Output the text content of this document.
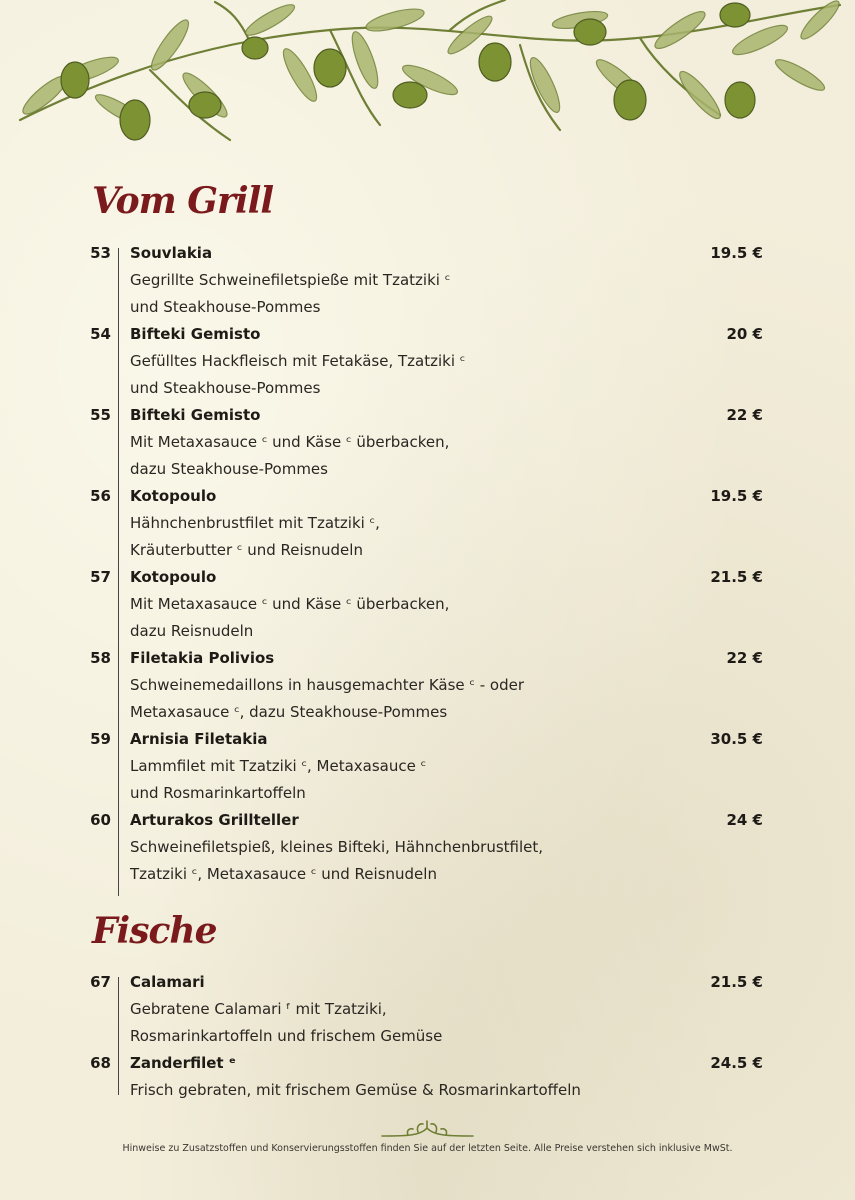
Vom Grill
53 Souvlakia	19.5 €
Gegrillte Schweinefiletspieße mit Tzatziki ᶜ
und Steakhouse-Pommes
54 Bifteki Gemisto	20 €
Gefülltes Hackfleisch mit Fetakäse, Tzatziki ᶜ
und Steakhouse-Pommes
55 Bifteki Gemisto	22 €
Mit Metaxasauce ᶜ und Käse ᶜ überbacken,
dazu Steakhouse-Pommes
56 Kotopoulo	19.5 €
Hähnchenbrustfilet mit Tzatziki ᶜ,
Kräuterbutter ᶜ und Reisnudeln
57 Kotopoulo	21.5 €
Mit Metaxasauce ᶜ und Käse ᶜ überbacken,
dazu Reisnudeln
58 Filetakia Polivios	22 €
Schweinemedaillons in hausgemachter Käse ᶜ - oder
Metaxasauce ᶜ, dazu Steakhouse-Pommes
59 Arnisia Filetakia	30.5 €
Lammfilet mit Tzatziki ᶜ, Metaxasauce ᶜ
und Rosmarinkartoffeln
60 Arturakos Grillteller	24 €
Schweinefiletspieß, kleines Bifteki, Hähnchenbrustfilet,
Tzatziki ᶜ, Metaxasauce ᶜ und Reisnudeln
Fische
67 Calamari	21.5 €
Gebratene Calamari ᶠ mit Tzatziki,
Rosmarinkartoffeln und frischem Gemüse
68 Zanderfilet ᵉ	24.5 €
Frisch gebraten, mit frischem Gemüse & Rosmarinkartoffeln
Hinweise zu Zusatzstoffen und Konservierungsstoffen finden Sie auf der letzten Seite. Alle Preise verstehen sich inklusive MwSt.
